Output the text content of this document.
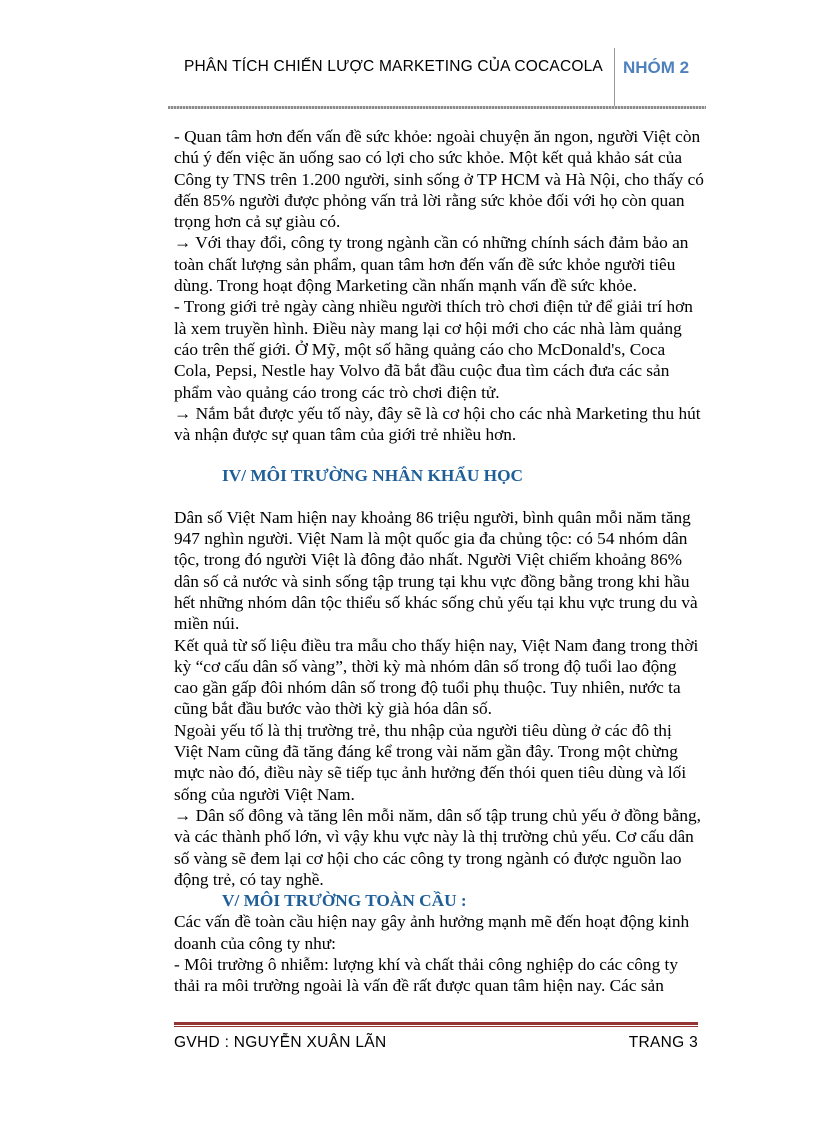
PHÂN TÍCH CHIẾN LƯỢC MARKETING CỦA COCACOLA NHÓM 2

- Quan tâm hơn đến vấn đề sức khỏe: ngoài chuyện ăn ngon, người Việt còn chú ý đến việc ăn uống sao có lợi cho sức khỏe. Một kết quả khảo sát của Công ty TNS trên 1.200 người, sinh sống ở TP HCM và Hà Nội, cho thấy có đến 85% người được phỏng vấn trả lời rằng sức khỏe đối với họ còn quan trọng hơn cả sự giàu có.

→ Với thay đổi, công ty trong ngành cần có những chính sách đảm bảo an toàn chất lượng sản phẩm, quan tâm hơn đến vấn đề sức khỏe người tiêu dùng. Trong hoạt động Marketing cần nhấn mạnh vấn đề sức khỏe.

- Trong giới trẻ ngày càng nhiều người thích trò chơi điện tử để giải trí hơn là xem truyền hình. Điều này mang lại cơ hội mới cho các nhà làm quảng cáo trên thế giới. Ở Mỹ, một số hãng quảng cáo cho McDonald's, Coca Cola, Pepsi, Nestle hay Volvo đã bắt đầu cuộc đua tìm cách đưa các sản phẩm vào quảng cáo trong các trò chơi điện tử.

→ Nắm bắt được yếu tố này, đây sẽ là cơ hội cho các nhà Marketing thu hút và nhận được sự quan tâm của giới trẻ nhiều hơn.

IV/ MÔI TRƯỜNG NHÂN KHẨU HỌC

Dân số Việt Nam hiện nay khoảng 86 triệu người, bình quân mỗi năm tăng 947 nghìn người. Việt Nam là một quốc gia đa chủng tộc: có 54 nhóm dân tộc, trong đó người Việt là đông đảo nhất. Người Việt chiếm khoảng 86% dân số cả nước và sinh sống tập trung tại khu vực đồng bằng trong khi hầu hết những nhóm dân tộc thiểu số khác sống chủ yếu tại khu vực trung du và miền núi.

Kết quả từ số liệu điều tra mẫu cho thấy hiện nay, Việt Nam đang trong thời kỳ “cơ cấu dân số vàng”, thời kỳ mà nhóm dân số trong độ tuổi lao động cao gần gấp đôi nhóm dân số trong độ tuổi phụ thuộc. Tuy nhiên, nước ta cũng bắt đầu bước vào thời kỳ già hóa dân số.

Ngoài yếu tố là thị trường trẻ, thu nhập của người tiêu dùng ở các đô thị Việt Nam cũng đã tăng đáng kể trong vài năm gần đây. Trong một chừng mực nào đó, điều này sẽ tiếp tục ảnh hưởng đến thói quen tiêu dùng và lối sống của người Việt Nam.

→ Dân số đông và tăng lên mỗi năm, dân số tập trung chủ yếu ở đồng bằng, và các thành phố lớn, vì vậy khu vực này là thị trường chủ yếu. Cơ cấu dân số vàng sẽ đem lại cơ hội cho các công ty trong ngành có được nguồn lao động trẻ, có tay nghề.

V/ MÔI TRƯỜNG TOÀN CẦU :

Các vấn đề toàn cầu hiện nay gây ảnh hưởng mạnh mẽ đến hoạt động kinh doanh của công ty như:

- Môi trường ô nhiễm: lượng khí và chất thải công nghiệp do các công ty thải ra môi trường ngoài là vấn đề rất được quan tâm hiện nay. Các sản

GVHD : NGUYỄN XUÂN LÃN	TRANG 3
